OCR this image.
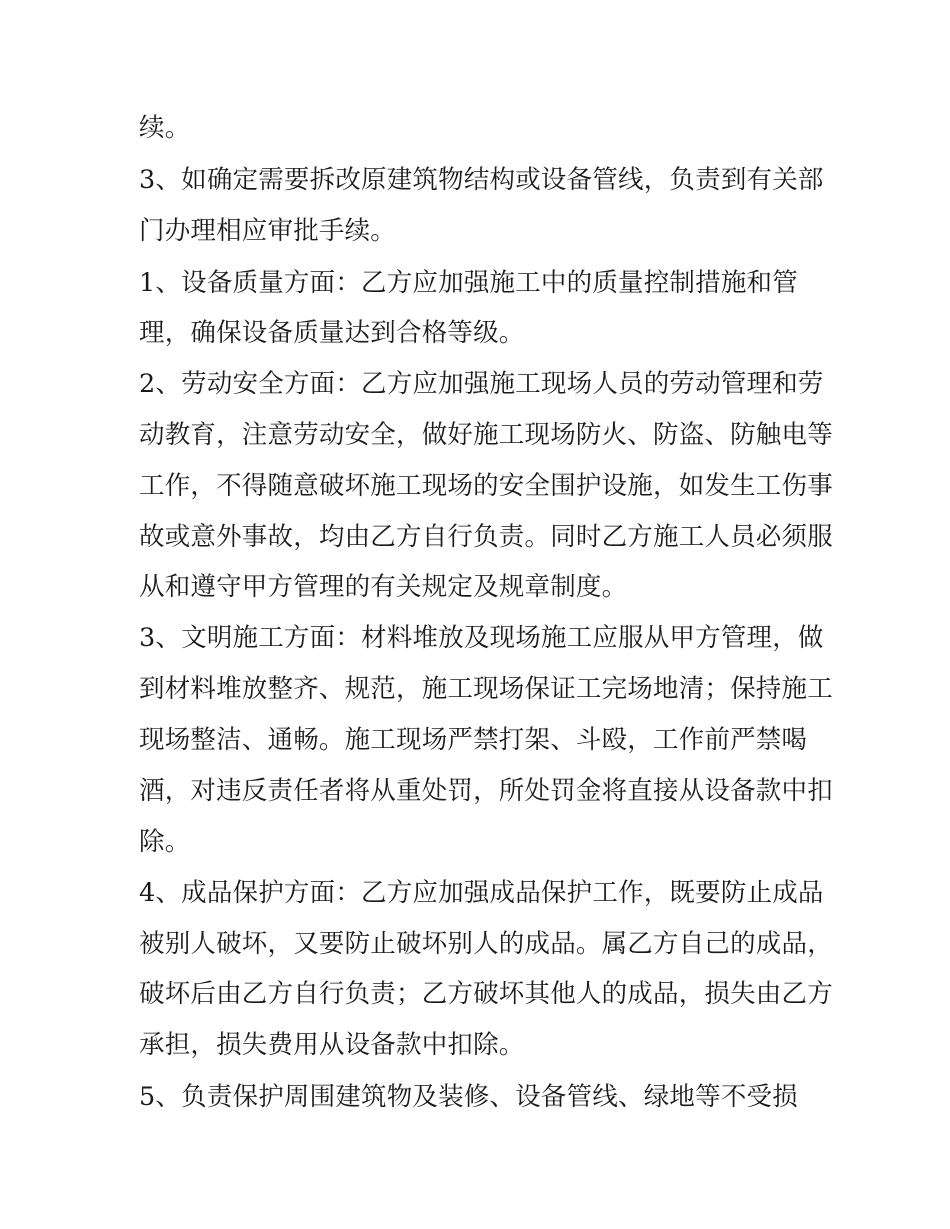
续。

3、如确定需要拆改原建筑物结构或设备管线，负责到有关部

门办理相应审批手续。

1、设备质量方面：乙方应加强施工中的质量控制措施和管

理，确保设备质量达到合格等级。

2、劳动安全方面：乙方应加强施工现场人员的劳动管理和劳

动教育，注意劳动安全，做好施工现场防火、防盗、防触电等

工作，不得随意破坏施工现场的安全围护设施，如发生工伤事

故或意外事故，均由乙方自行负责。同时乙方施工人员必须服

从和遵守甲方管理的有关规定及规章制度。

3、文明施工方面：材料堆放及现场施工应服从甲方管理，做

到材料堆放整齐、规范，施工现场保证工完场地清；保持施工

现场整洁、通畅。施工现场严禁打架、斗殴，工作前严禁喝

酒，对违反责任者将从重处罚，所处罚金将直接从设备款中扣

除。

4、成品保护方面：乙方应加强成品保护工作，既要防止成品

被别人破坏，又要防止破坏别人的成品。属乙方自己的成品，

破坏后由乙方自行负责；乙方破坏其他人的成品，损失由乙方

承担，损失费用从设备款中扣除。

5、负责保护周围建筑物及装修、设备管线、绿地等不受损
